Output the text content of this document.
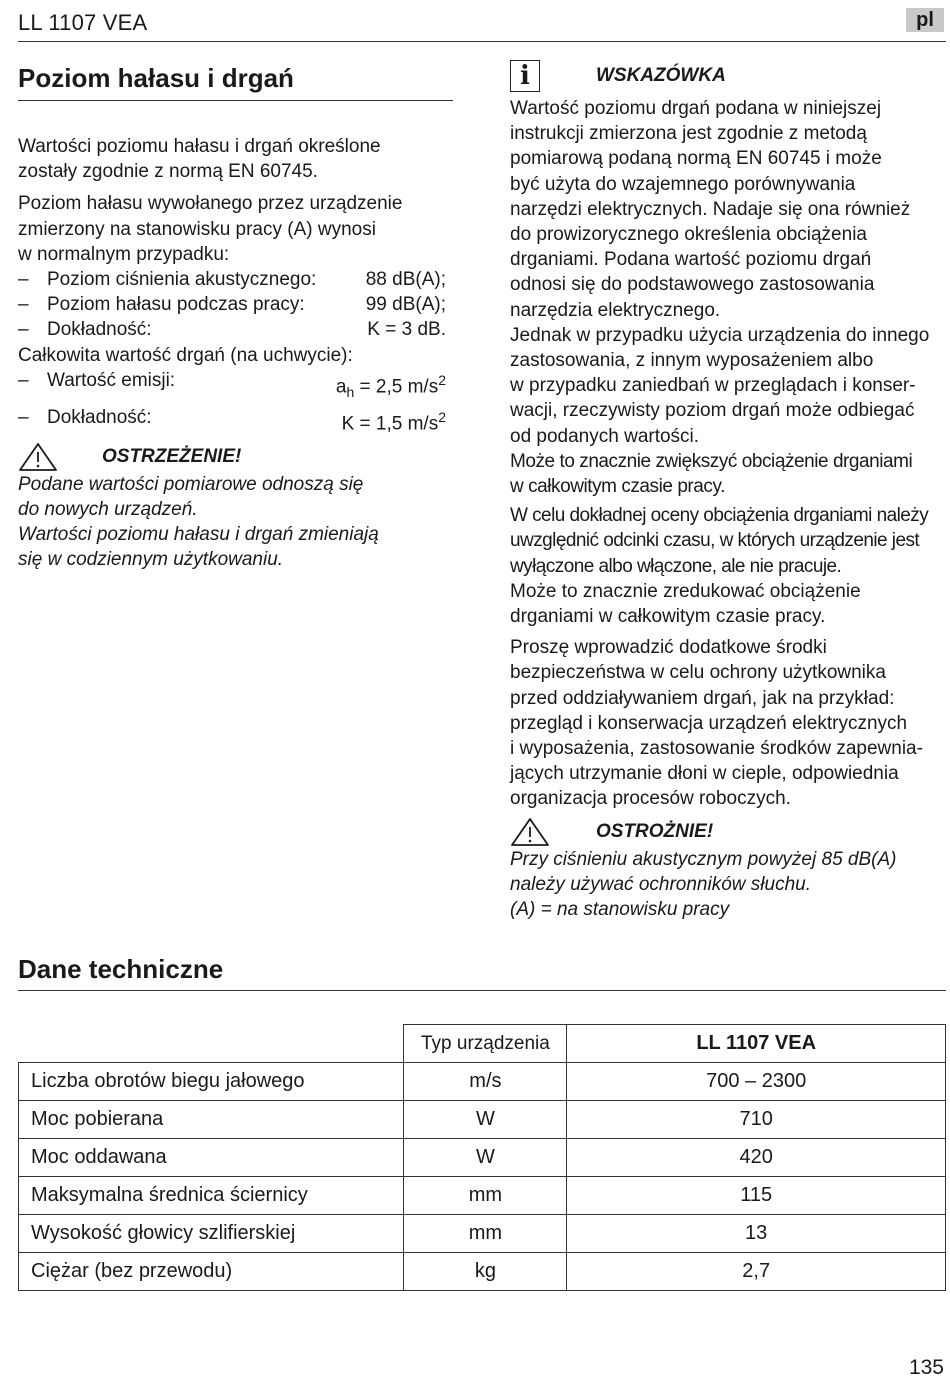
LL 1107 VEA	pl
Poziom hałasu i drgań

Wartości poziomu hałasu i drgań określone

zostały zgodnie z normą EN 60745.

Poziom hałasu wywołanego przez urządzenie

zmierzony na stanowisku pracy (A) wynosi

w normalnym przypadku:

– Poziom ciśnienia akustycznego:	88 dB(A);
– Poziom hałasu podczas pracy:	99 dB(A);
– Dokładność:	K = 3 dB.

Całkowita wartość drgań (na uchwycie):

– Wartość emisji:	$a_h = 2,5$ $m/s^2$
– Dokładność:	K = 1,5 $m/s^2$
OSTRZEŻENIE!

Podane wartości pomiarowe odnoszą się

do nowych urządzeń.

Wartości poziomu hałasu i drgań zmieniają

się w codziennym użytkowaniu.

i	WSKAZÓWKA

Wartość poziomu drgań podana w niniejszej

instrukcji zmierzona jest zgodnie z metodą

pomiarową podaną normą EN 60745 i może

być użyta do wzajemnego porównywania

narzędzi elektrycznych. Nadaje się ona również

do prowizorycznego określenia obciążenia

drganiami. Podana wartość poziomu drgań

odnosi się do podstawowego zastosowania

narzędzia elektrycznego.

Jednak w przypadku użycia urządzenia do innego

zastosowania, z innym wyposażeniem albo

w przypadku zaniedbań w przeglądach i konser-

wacji, rzeczywisty poziom drgań może odbiegać

od podanych wartości.

Może to znacznie zwiększyć obciążenie drganiami

w całkowitym czasie pracy.

W celu dokładnej oceny obciążenia drganiami należy

uwzględnić odcinki czasu, w których urządzenie jest

wyłączone albo włączone, ale nie pracuje.

Może to znacznie zredukować obciążenie

drganiami w całkowitym czasie pracy.

Proszę wprowadzić dodatkowe środki

bezpieczeństwa w celu ochrony użytkownika

przed oddziaływaniem drgań, jak na przykład:

przegląd i konserwacja urządzeń elektrycznych

i wyposażenia, zastosowanie środków zapewnia-

jących utrzymanie dłoni w cieple, odpowiednia

organizacja procesów roboczych.

OSTROŻNIE!

Przy ciśnieniu akustycznym powyżej 85 dB(A)

należy używać ochronników słuchu.

(A) = na stanowisku pracy

Dane techniczne
	Typ urządzenia	LL 1107 VEA
Liczba obrotów biegu jałowego	m/s	700 – 2300
Moc pobierana	W	710
Moc oddawana	W	420
Maksymalna średnica ściernicy	mm	115
Wysokość głowicy szlifierskiej	mm	13
Ciężar (bez przewodu)	kg	2,7
135
